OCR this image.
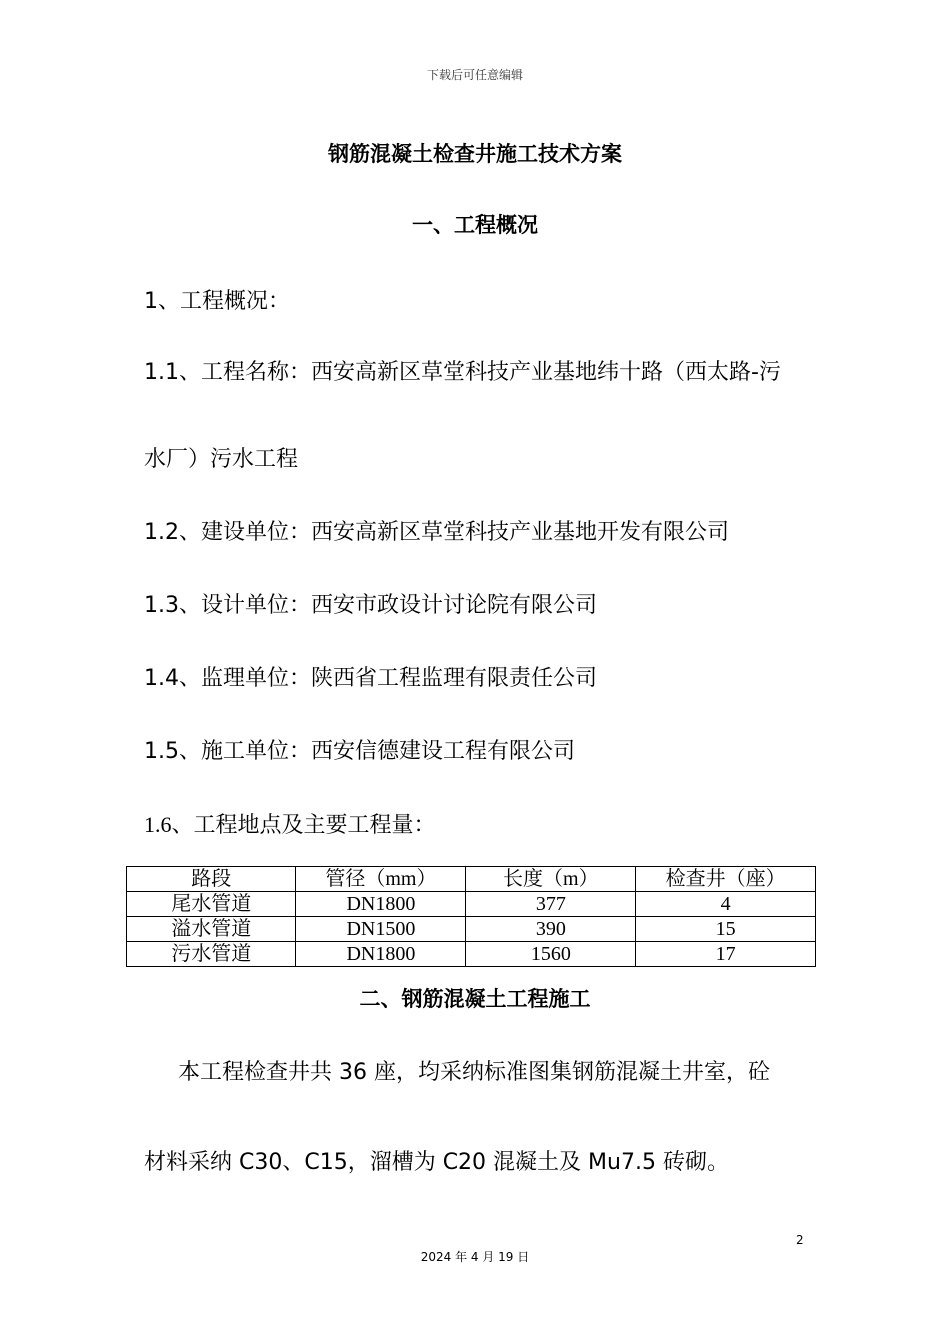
下载后可任意编辑
钢筋混凝土检查井施工技术方案
一、工程概况
1、工程概况：
1.1、工程名称：西安高新区草堂科技产业基地纬十路（西太路-污
水厂）污水工程
1.2、建设单位：西安高新区草堂科技产业基地开发有限公司
1.3、设计单位：西安市政设计讨论院有限公司
1.4、监理单位：陕西省工程监理有限责任公司
1.5、施工单位：西安信德建设工程有限公司
1.6、工程地点及主要工程量：
路段	管径（mm）	长度（m）	检查井（座）
尾水管道	DN1800	377	4
溢水管道	DN1500	390	15
污水管道	DN1800	1560	17
二、钢筋混凝土工程施工
本工程检查井共 36 座，均采纳标准图集钢筋混凝土井室，砼
材料采纳 C30、C15，溜槽为 C20 混凝土及 Mu7.5 砖砌。
2
2024 年 4 月 19 日
